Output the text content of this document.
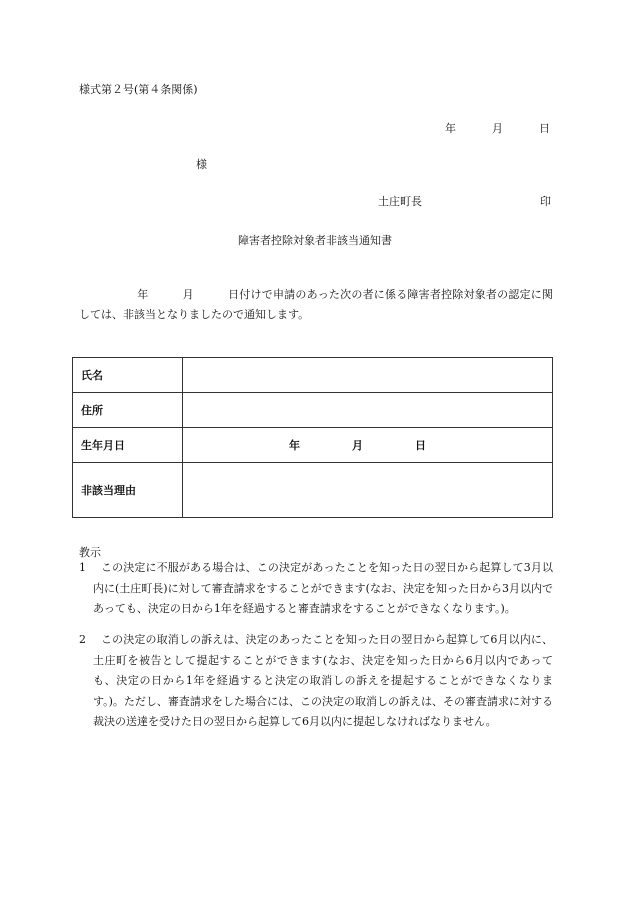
様式第２号(第４条関係)
年	月	日
様
土庄町長	印
障害者控除対象者非該当通知書
年	月	日付けで申請のあった次の者に係る障害者控除対象者の認定に関しては、非該当となりましたので通知します。
氏名	
住所	
生年月日	年 月 日

非該当理由	
教示
1	この決定に不服がある場合は、この決定があったことを知った日の翌日から起算して3月以内に(土庄町長)に対して審査請求をすることができます(なお、決定を知った日から3月以内であっても、決定の日から1年を経過すると審査請求をすることができなくなります。)。
2	この決定の取消しの訴えは、決定のあったことを知った日の翌日から起算して6月以内に、土庄町を被告として提起することができます(なお、決定を知った日から6月以内であっても、決定の日から1年を経過すると決定の取消しの訴えを提起することができなくなります。)。ただし、審査請求をした場合には、この決定の取消しの訴えは、その審査請求に対する裁決の送達を受けた日の翌日から起算して6月以内に提起しなければなりません。
